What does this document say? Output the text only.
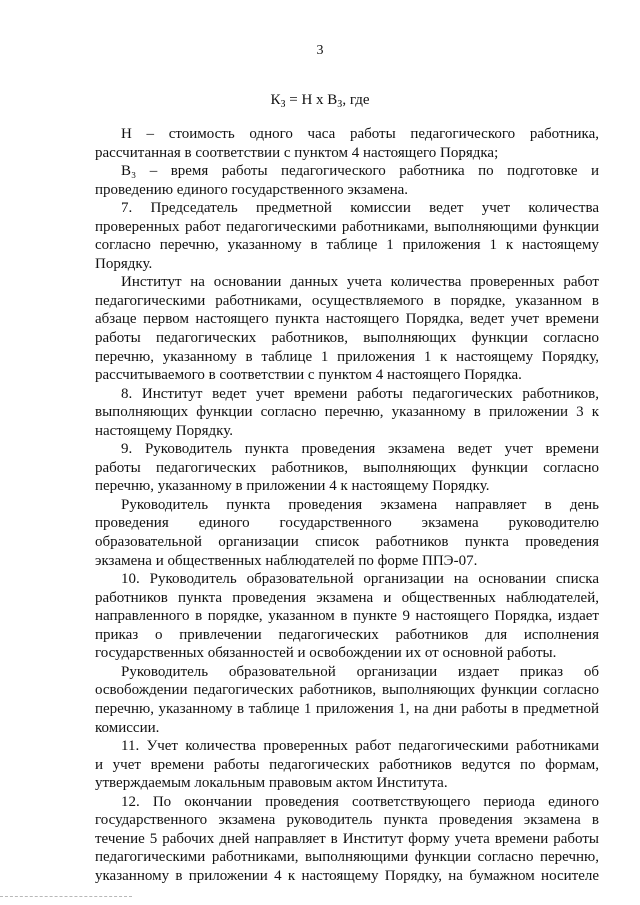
3
$К_З = Н$ х $В_З$, где
Н – стоимость одного часа работы педагогического работника,
рассчитанная в соответствии с пунктом 4 настоящего Порядка;
В₃ – время работы педагогического работника по подготовке и
проведению единого государственного экзамена.
7. Председатель предметной комиссии ведет учет количества
проверенных работ педагогическими работниками, выполняющими функции
согласно перечню, указанному в таблице 1 приложения 1 к настоящему
Порядку.
Институт на основании данных учета количества проверенных работ
педагогическими работниками, осуществляемого в порядке, указанном в
абзаце первом настоящего пункта настоящего Порядка, ведет учет времени
работы педагогических работников, выполняющих функции согласно
перечню, указанному в таблице 1 приложения 1 к настоящему Порядку,
рассчитываемого в соответствии с пунктом 4 настоящего Порядка.
8. Институт ведет учет времени работы педагогических работников,
выполняющих функции согласно перечню, указанному в приложении 3 к
настоящему Порядку.
9. Руководитель пункта проведения экзамена ведет учет времени
работы педагогических работников, выполняющих функции согласно
перечню, указанному в приложении 4 к настоящему Порядку.
Руководитель пункта проведения экзамена направляет в день
проведения единого государственного экзамена руководителю
образовательной организации список работников пункта проведения
экзамена и общественных наблюдателей по форме ППЭ-07.
10. Руководитель образовательной организации на основании списка
работников пункта проведения экзамена и общественных наблюдателей,
направленного в порядке, указанном в пункте 9 настоящего Порядка, издает
приказ о привлечении педагогических работников для исполнения
государственных обязанностей и освобождении их от основной работы.
Руководитель образовательной организации издает приказ об
освобождении педагогических работников, выполняющих функции согласно
перечню, указанному в таблице 1 приложения 1, на дни работы в предметной
комиссии.
11. Учет количества проверенных работ педагогическими работниками
и учет времени работы педагогических работников ведутся по формам,
утверждаемым локальным правовым актом Института.
12. По окончании проведения соответствующего периода единого
государственного экзамена руководитель пункта проведения экзамена в
течение 5 рабочих дней направляет в Институт форму учета времени работы
педагогическими работниками, выполняющими функции согласно перечню,
указанному в приложении 4 к настоящему Порядку, на бумажном носителе
